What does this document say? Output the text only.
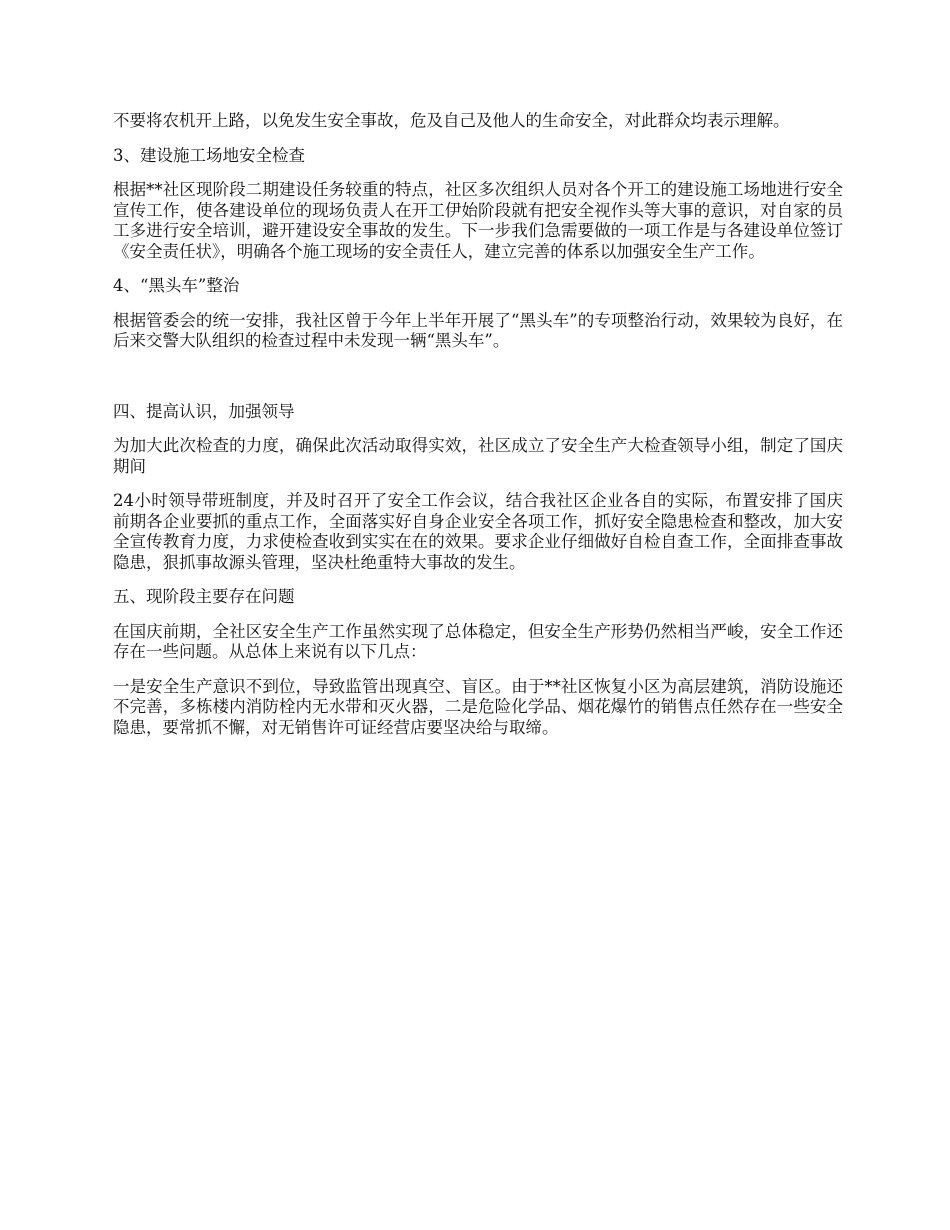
不要将农机开上路，以免发生安全事故，危及自己及他人的生命安全，对此群众均表示理解。

3、建设施工场地安全检查

根据**社区现阶段二期建设任务较重的特点，社区多次组织人员对各个开工的建设施工场地进行安全宣传工作，使各建设单位的现场负责人在开工伊始阶段就有把安全视作头等大事的意识，对自家的员工多进行安全培训，避开建设安全事故的发生。下一步我们急需要做的一项工作是与各建设单位签订《安全责任状》，明确各个施工现场的安全责任人，建立完善的体系以加强安全生产工作。

4、“黑头车”整治

根据管委会的统一安排，我社区曾于今年上半年开展了“黑头车”的专项整治行动，效果较为良好，在后来交警大队组织的检查过程中未发现一辆“黑头车”。

四、提高认识，加强领导

为加大此次检查的力度，确保此次活动取得实效，社区成立了安全生产大检查领导小组，制定了国庆期间

24小时领导带班制度，并及时召开了安全工作会议，结合我社区企业各自的实际，布置安排了国庆前期各企业要抓的重点工作，全面落实好自身企业安全各项工作，抓好安全隐患检查和整改，加大安全宣传教育力度，力求使检查收到实实在在的效果。要求企业仔细做好自检自查工作，全面排查事故隐患，狠抓事故源头管理，坚决杜绝重特大事故的发生。

五、现阶段主要存在问题

在国庆前期，全社区安全生产工作虽然实现了总体稳定，但安全生产形势仍然相当严峻，安全工作还存在一些问题。从总体上来说有以下几点：

一是安全生产意识不到位，导致监管出现真空、盲区。由于**社区恢复小区为高层建筑，消防设施还不完善，多栋楼内消防栓内无水带和灭火器，二是危险化学品、烟花爆竹的销售点任然存在一些安全隐患，要常抓不懈，对无销售许可证经营店要坚决给与取缔。
